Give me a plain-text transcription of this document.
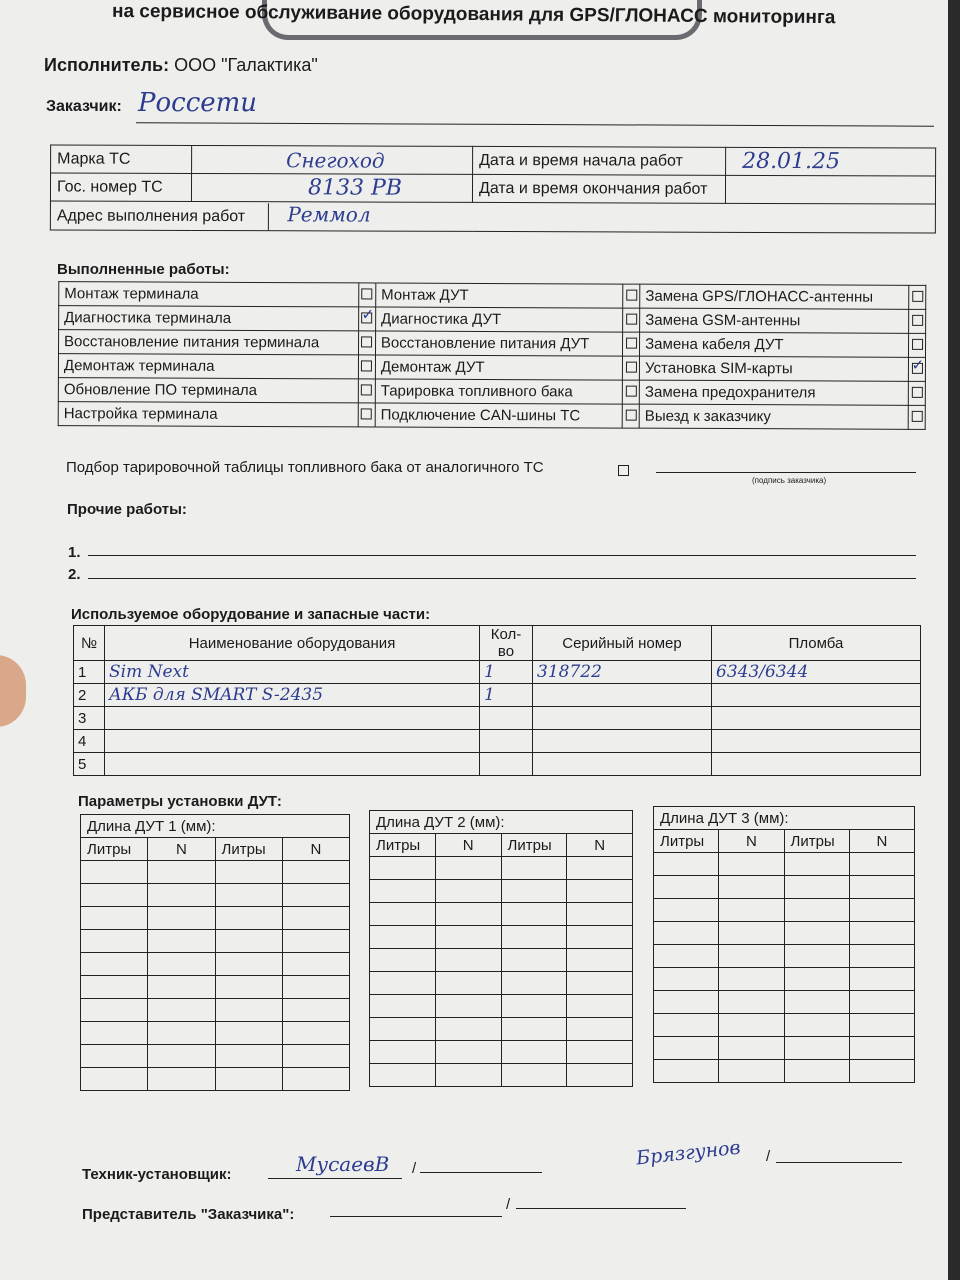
на сервисное обслуживание оборудования для GPS/ГЛОНАСС мониторинга
Исполнитель: ООО "Галактика"
Заказчик: Россети
Марка ТС	Снегоход	Дата и время начала работ	28.01.25
Гос. номер ТС	8133 РВ	Дата и время окончания работ	
Адрес выполнения работ Реммол			
Выполненные работы:
Монтаж терминала		Монтаж ДУТ		Замена GPS/ГЛОНАСС-антенны	
Диагностика терминала	✓	Диагностика ДУТ		Замена GSM-антенны	
Восстановление питания терминала		Восстановление питания ДУТ		Замена кабеля ДУТ	
Демонтаж терминала		Демонтаж ДУТ		Установка SIM-карты	✓
Обновление ПО терминала		Тарировка топливного бака		Замена предохранителя	
Настройка терминала		Подключение CAN-шины ТС		Выезд к заказчику	
Подбор тарировочной таблицы топливного бака от аналогичного ТС
(подпись заказчика)
Прочие работы:
1.
2.
Используемое оборудование и запасные части:
№	Наименование оборудования	Кол-во	Серийный номер	Пломба
1	Sim Next	1	318722	6343/6344
2	АКБ для SMART S-2435	1		
3				
4				
5				
Параметры установки ДУТ:
Длина ДУТ 1 (мм):			
Литры	N	Литры	N

Длина ДУТ 2 (мм):			
Литры	N	Литры	N

Длина ДУТ 3 (мм):			
Литры	N	Литры	N

Техник-установщик:	МусаевВ /	Брязгунов /
Представитель "Заказчика":
/
